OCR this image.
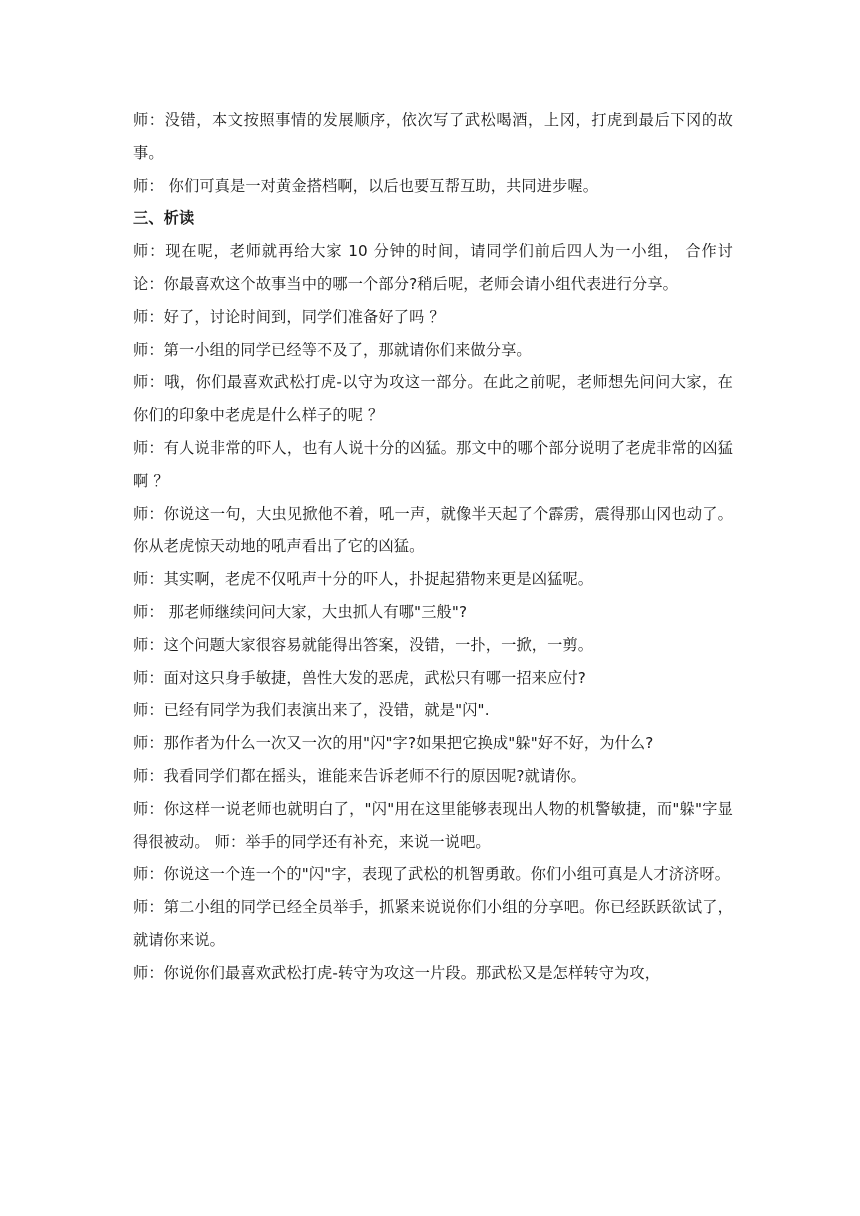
师：没错，本文按照事情的发展顺序，依次写了武松喝酒，上冈，打虎到最后下冈的故事。

师： 你们可真是一对黄金搭档啊，以后也要互帮互助，共同进步喔。

三、析读

师：现在呢，老师就再给大家 10 分钟的时间，请同学们前后四人为一小组， 合作讨论：你最喜欢这个故事当中的哪一个部分?稍后呢，老师会请小组代表进行分享。

师：好了，讨论时间到，同学们准备好了吗 ？

师：第一小组的同学已经等不及了，那就请你们来做分享。

师：哦，你们最喜欢武松打虎-以守为攻这一部分。在此之前呢，老师想先问问大家，在你们的印象中老虎是什么样子的呢 ？

师：有人说非常的吓人，也有人说十分的凶猛。那文中的哪个部分说明了老虎非常的凶猛啊 ？

师：你说这一句，大虫见掀他不着，吼一声，就像半天起了个霹雳，震得那山冈也动了。你从老虎惊天动地的吼声看出了它的凶猛。

师：其实啊，老虎不仅吼声十分的吓人，扑捉起猎物来更是凶猛呢。

师： 那老师继续问问大家，大虫抓人有哪"三般"?

师：这个问题大家很容易就能得出答案，没错，一扑，一掀，一剪。

师：面对这只身手敏捷，兽性大发的恶虎，武松只有哪一招来应付?

师：已经有同学为我们表演出来了，没错，就是"闪".

师：那作者为什么一次又一次的用"闪"字?如果把它换成"躲"好不好，为什么?

师：我看同学们都在摇头，谁能来告诉老师不行的原因呢?就请你。

师：你这样一说老师也就明白了，"闪"用在这里能够表现出人物的机警敏捷，而"躲"字显得很被动。 师：举手的同学还有补充，来说一说吧。

师：你说这一个连一个的"闪"字，表现了武松的机智勇敢。你们小组可真是人才济济呀。

师：第二小组的同学已经全员举手，抓紧来说说你们小组的分享吧。你已经跃跃欲试了，就请你来说。

师：你说你们最喜欢武松打虎-转守为攻这一片段。那武松又是怎样转守为攻，
